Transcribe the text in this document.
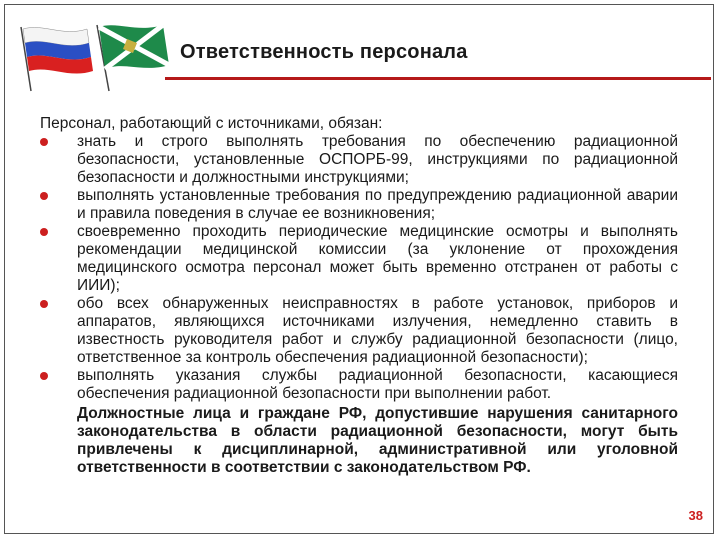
Ответственность персонала
Персонал, работающий с источниками, обязан:
знать и строго выполнять требования по обеспечению радиационной безопасности, установленные ОСПОРБ-99, инструкциями по радиационной безопасности и должностными инструкциями;
выполнять установленные требования по предупреждению радиационной аварии и правила поведения в случае ее возникновения;
своевременно проходить периодические медицинские осмотры и выполнять рекомендации медицинской комиссии (за уклонение от прохождения медицинского осмотра персонал может быть временно отстранен от работы с ИИИ);
обо всех обнаруженных неисправностях в работе установок, приборов и аппаратов, являющихся источниками излучения, немедленно ставить в известность руководителя работ и службу радиационной безопасности (лицо, ответственное за контроль обеспечения радиационной безопасности);
выполнять указания службы радиационной безопасности, касающиеся обеспечения радиационной безопасности при выполнении работ.
Должностные лица и граждане РФ, допустившие нарушения санитарного законодательства в области радиационной безопасности, могут быть привлечены к дисциплинарной, административной или уголовной ответственности в соответствии с законодательством РФ.
38
